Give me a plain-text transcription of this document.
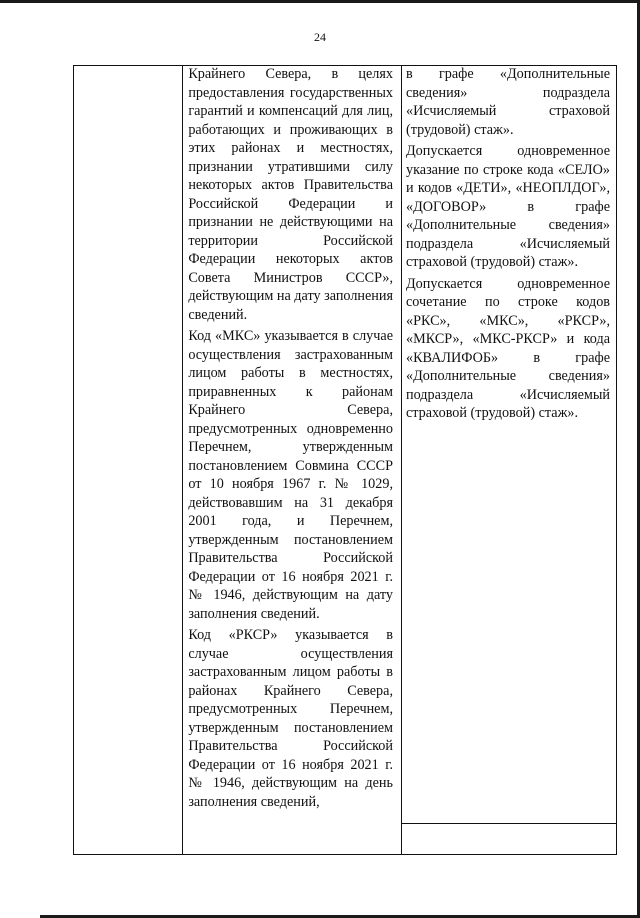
24

Крайнего Севера, в целях предоставления государственных гарантий и компенсаций для лиц, работающих и проживающих в этих районах и местностях, признании утратившими силу некоторых актов Правительства Российской Федерации и признании не действующими на территории Российской Федерации некоторых актов Совета Министров СССР», действующим на дату заполнения сведений.

Код «МКС» указывается в случае осуществления застрахованным лицом работы в местностях, приравненных к районам Крайнего Севера, предусмотренных одновременно Перечнем, утвержденным постановлением Совмина СССР от 10 ноября 1967 г. № 1029, действовавшим на 31 декабря 2001 года, и Перечнем, утвержденным постановлением Правительства Российской Федерации от 16 ноября 2021 г. № 1946, действующим на дату заполнения сведений.

Код «РКСР» указывается в случае осуществления застрахованным лицом работы в районах Крайнего Севера, предусмотренных Перечнем, утвержденным постановлением Правительства Российской Федерации от 16 ноября 2021 г. № 1946, действующим на день заполнения сведений,

в графе «Дополнительные сведения» подраздела «Исчисляемый страховой (трудовой) стаж».

Допускается одновременное указание по строке кода «СЕЛО» и кодов «ДЕТИ», «НЕОПЛДОГ», «ДОГОВОР» в графе «Дополнительные сведения» подраздела «Исчисляемый страховой (трудовой) стаж».

Допускается одновременное сочетание по строке кодов «РКС», «МКС», «РКСР», «МКСР», «МКС-РКСР» и кода «КВАЛИФОБ» в графе «Дополнительные сведения» подраздела «Исчисляемый страховой (трудовой) стаж».
